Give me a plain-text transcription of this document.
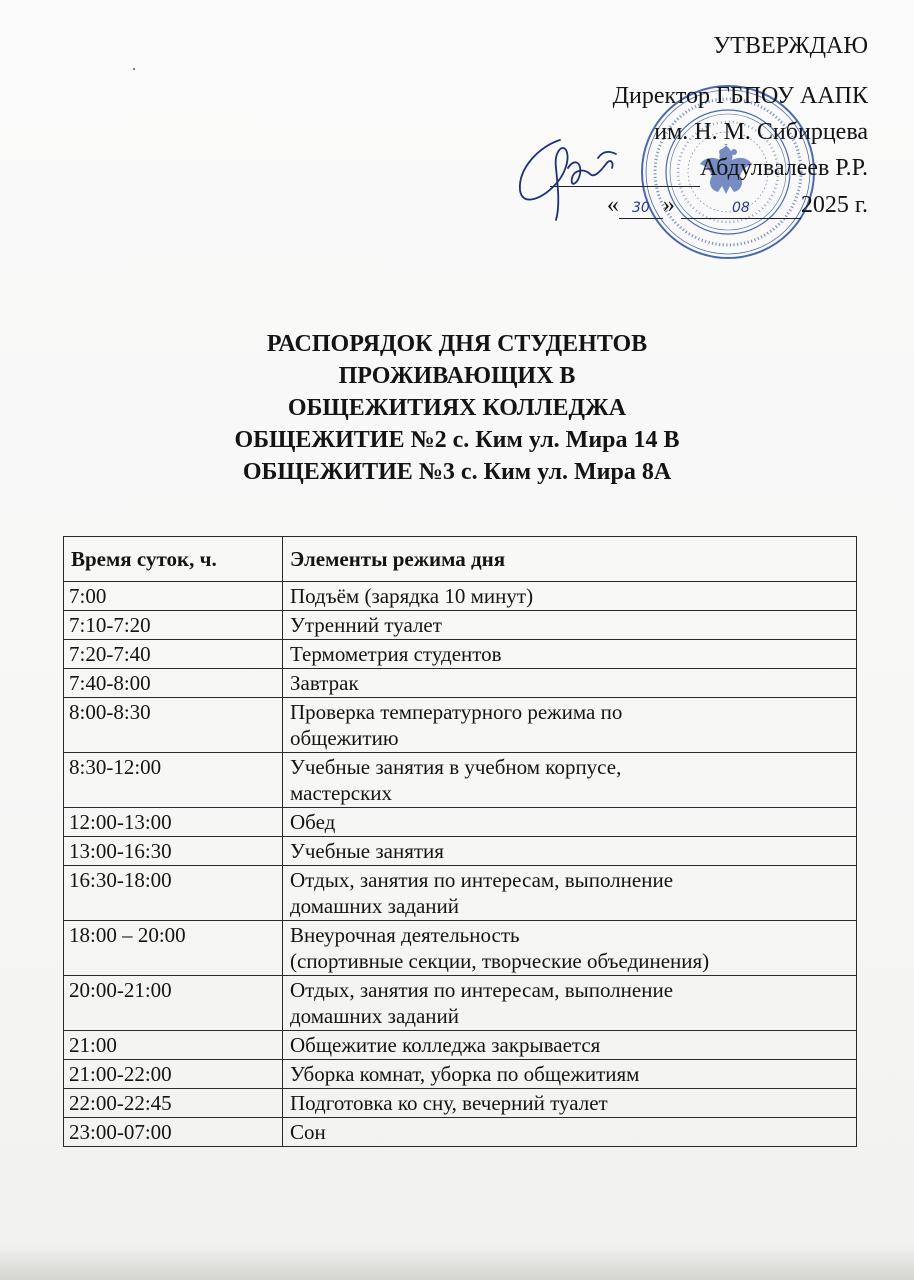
УТВЕРЖДАЮ
Директор ГБПОУ ААПК
им. Н. М. Сибирцева
Абдулвалеев Р.Р.
« 30 »	08 2025 г.
РАСПОРЯДОК ДНЯ СТУДЕНТОВ
ПРОЖИВАЮЩИХ В
ОБЩЕЖИТИЯХ КОЛЛЕДЖА
ОБЩЕЖИТИЕ №2 с. Ким ул. Мира 14 В
ОБЩЕЖИТИЕ №3 с. Ким ул. Мира 8А
Время суток, ч.	Элементы режима дня
7:00	Подъём (зарядка 10 минут)

7:10-7:20	Утренний туалет

7:20-7:40	Термометрия студентов

7:40-8:00	Завтрак

8:00-8:30	Проверка температурного режима по
общежитию

8:30-12:00	Учебные занятия в учебном корпусе,
мастерских

12:00-13:00	Обед

13:00-16:30	Учебные занятия

16:30-18:00	Отдых, занятия по интересам, выполнение
домашних заданий

18:00 – 20:00	Внеурочная деятельность
(спортивные секции, творческие объединения)

20:00-21:00	Отдых, занятия по интересам, выполнение
домашних заданий

21:00	Общежитие колледжа закрывается

21:00-22:00	Уборка комнат, уборка по общежитиям

22:00-22:45	Подготовка ко сну, вечерний туалет

23:00-07:00	Сон
